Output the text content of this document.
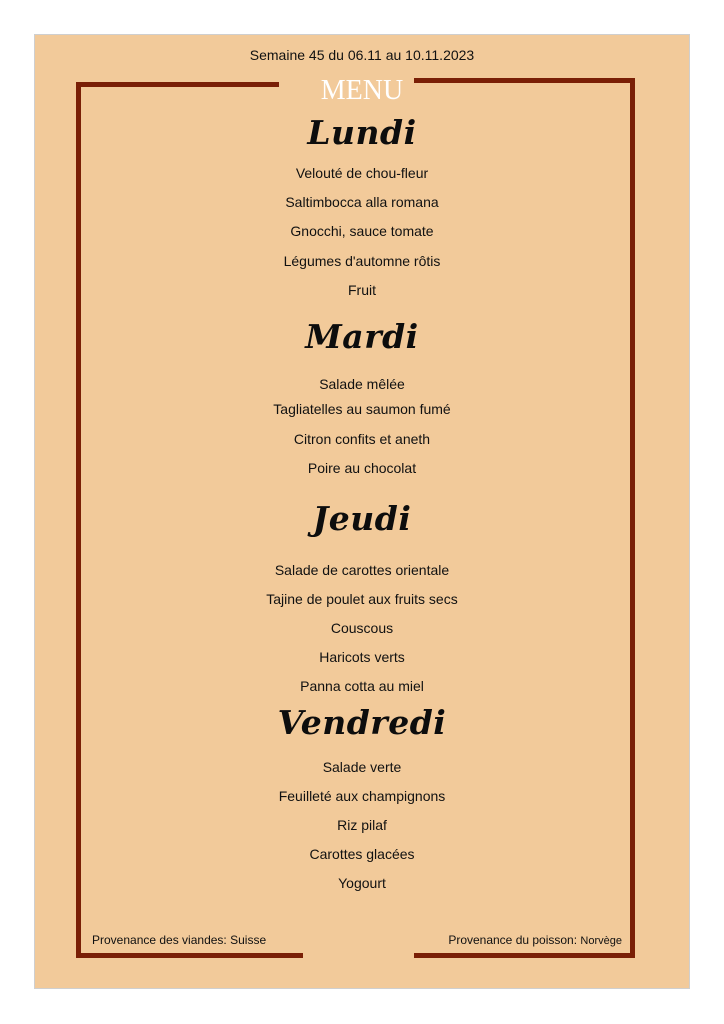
Semaine 45 du 06.11 au 10.11.2023
MENU
Lundi
Velouté de chou-fleur
Saltimbocca alla romana
Gnocchi, sauce tomate
Légumes d'automne rôtis
Fruit
Mardi
Salade mêlée
Tagliatelles au saumon fumé
Citron confits et aneth
Poire au chocolat
Jeudi
Salade de carottes orientale
Tajine de poulet aux fruits secs
Couscous
Haricots verts
Panna cotta au miel
Vendredi
Salade verte
Feuilleté aux champignons
Riz pilaf
Carottes glacées
Yogourt
Provenance des viandes: Suisse	Provenance du poisson: Norvège
